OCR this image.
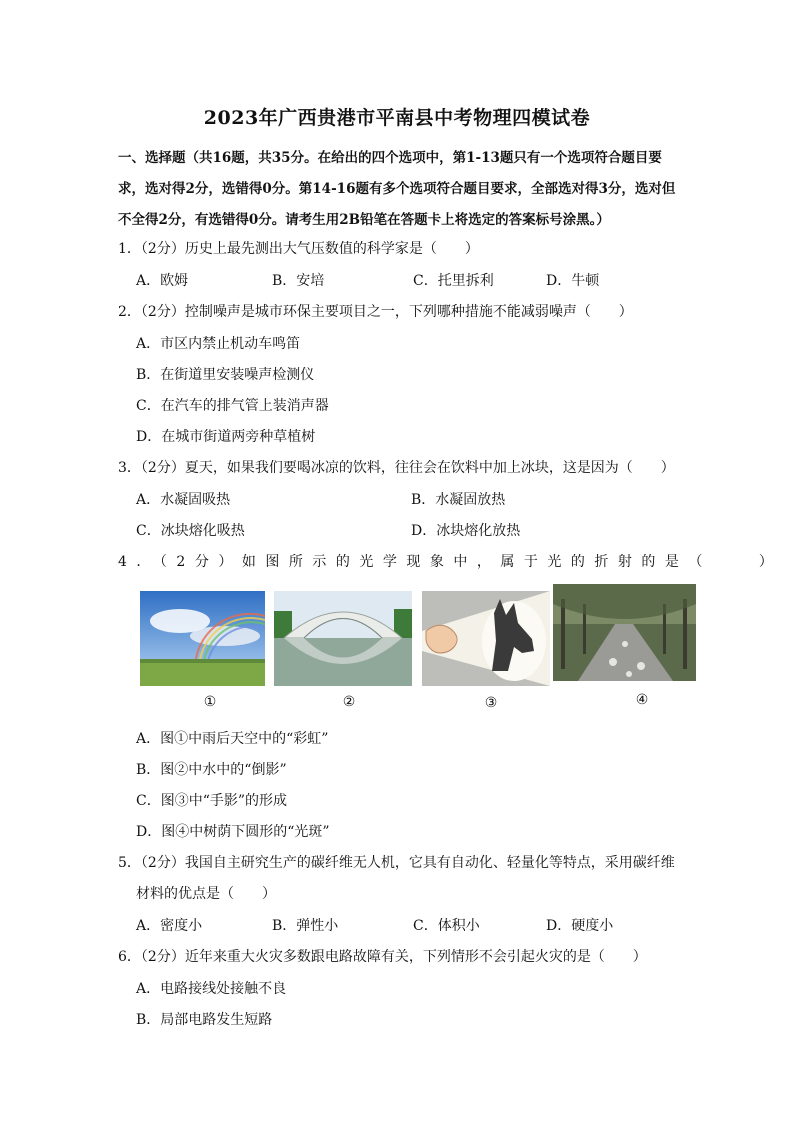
2023年广西贵港市平南县中考物理四模试卷
一、选择题（共16题，共35分。在给出的四个选项中，第1-13题只有一个选项符合题目要求，选对得2分，选错得0分。第14-16题有多个选项符合题目要求，全部选对得3分，选对但不全得2分，有选错得0分。请考生用2B铅笔在答题卡上将选定的答案标号涂黑。）
1．（2分）历史上最先测出大气压数值的科学家是（　　）
A．欧姆	B．安培	C．托里拆利	D．牛顿
2．（2分）控制噪声是城市环保主要项目之一，下列哪种措施不能减弱噪声（　　）
A．市区内禁止机动车鸣笛
B．在街道里安装噪声检测仪
C．在汽车的排气管上装消声器
D．在城市街道两旁种草植树
3．（2分）夏天，如果我们要喝冰凉的饮料，往往会在饮料中加上冰块，这是因为（　　）
A．水凝固吸热	B．水凝固放热
C．冰块熔化吸热	D．冰块熔化放热
4．（2分）如图所示的光学现象中，属于光的折射的是（　　）
①	②	③	④
A．图①中雨后天空中的“彩虹”
B．图②中水中的“倒影”
C．图③中“手影”的形成
D．图④中树荫下圆形的“光斑”
5．（2分）我国自主研究生产的碳纤维无人机，它具有自动化、轻量化等特点，采用碳纤维
材料的优点是（　　）
A．密度小	B．弹性小	C．体积小	D．硬度小
6．（2分）近年来重大火灾多数跟电路故障有关，下列情形不会引起火灾的是（　　）
A．电路接线处接触不良
B．局部电路发生短路
